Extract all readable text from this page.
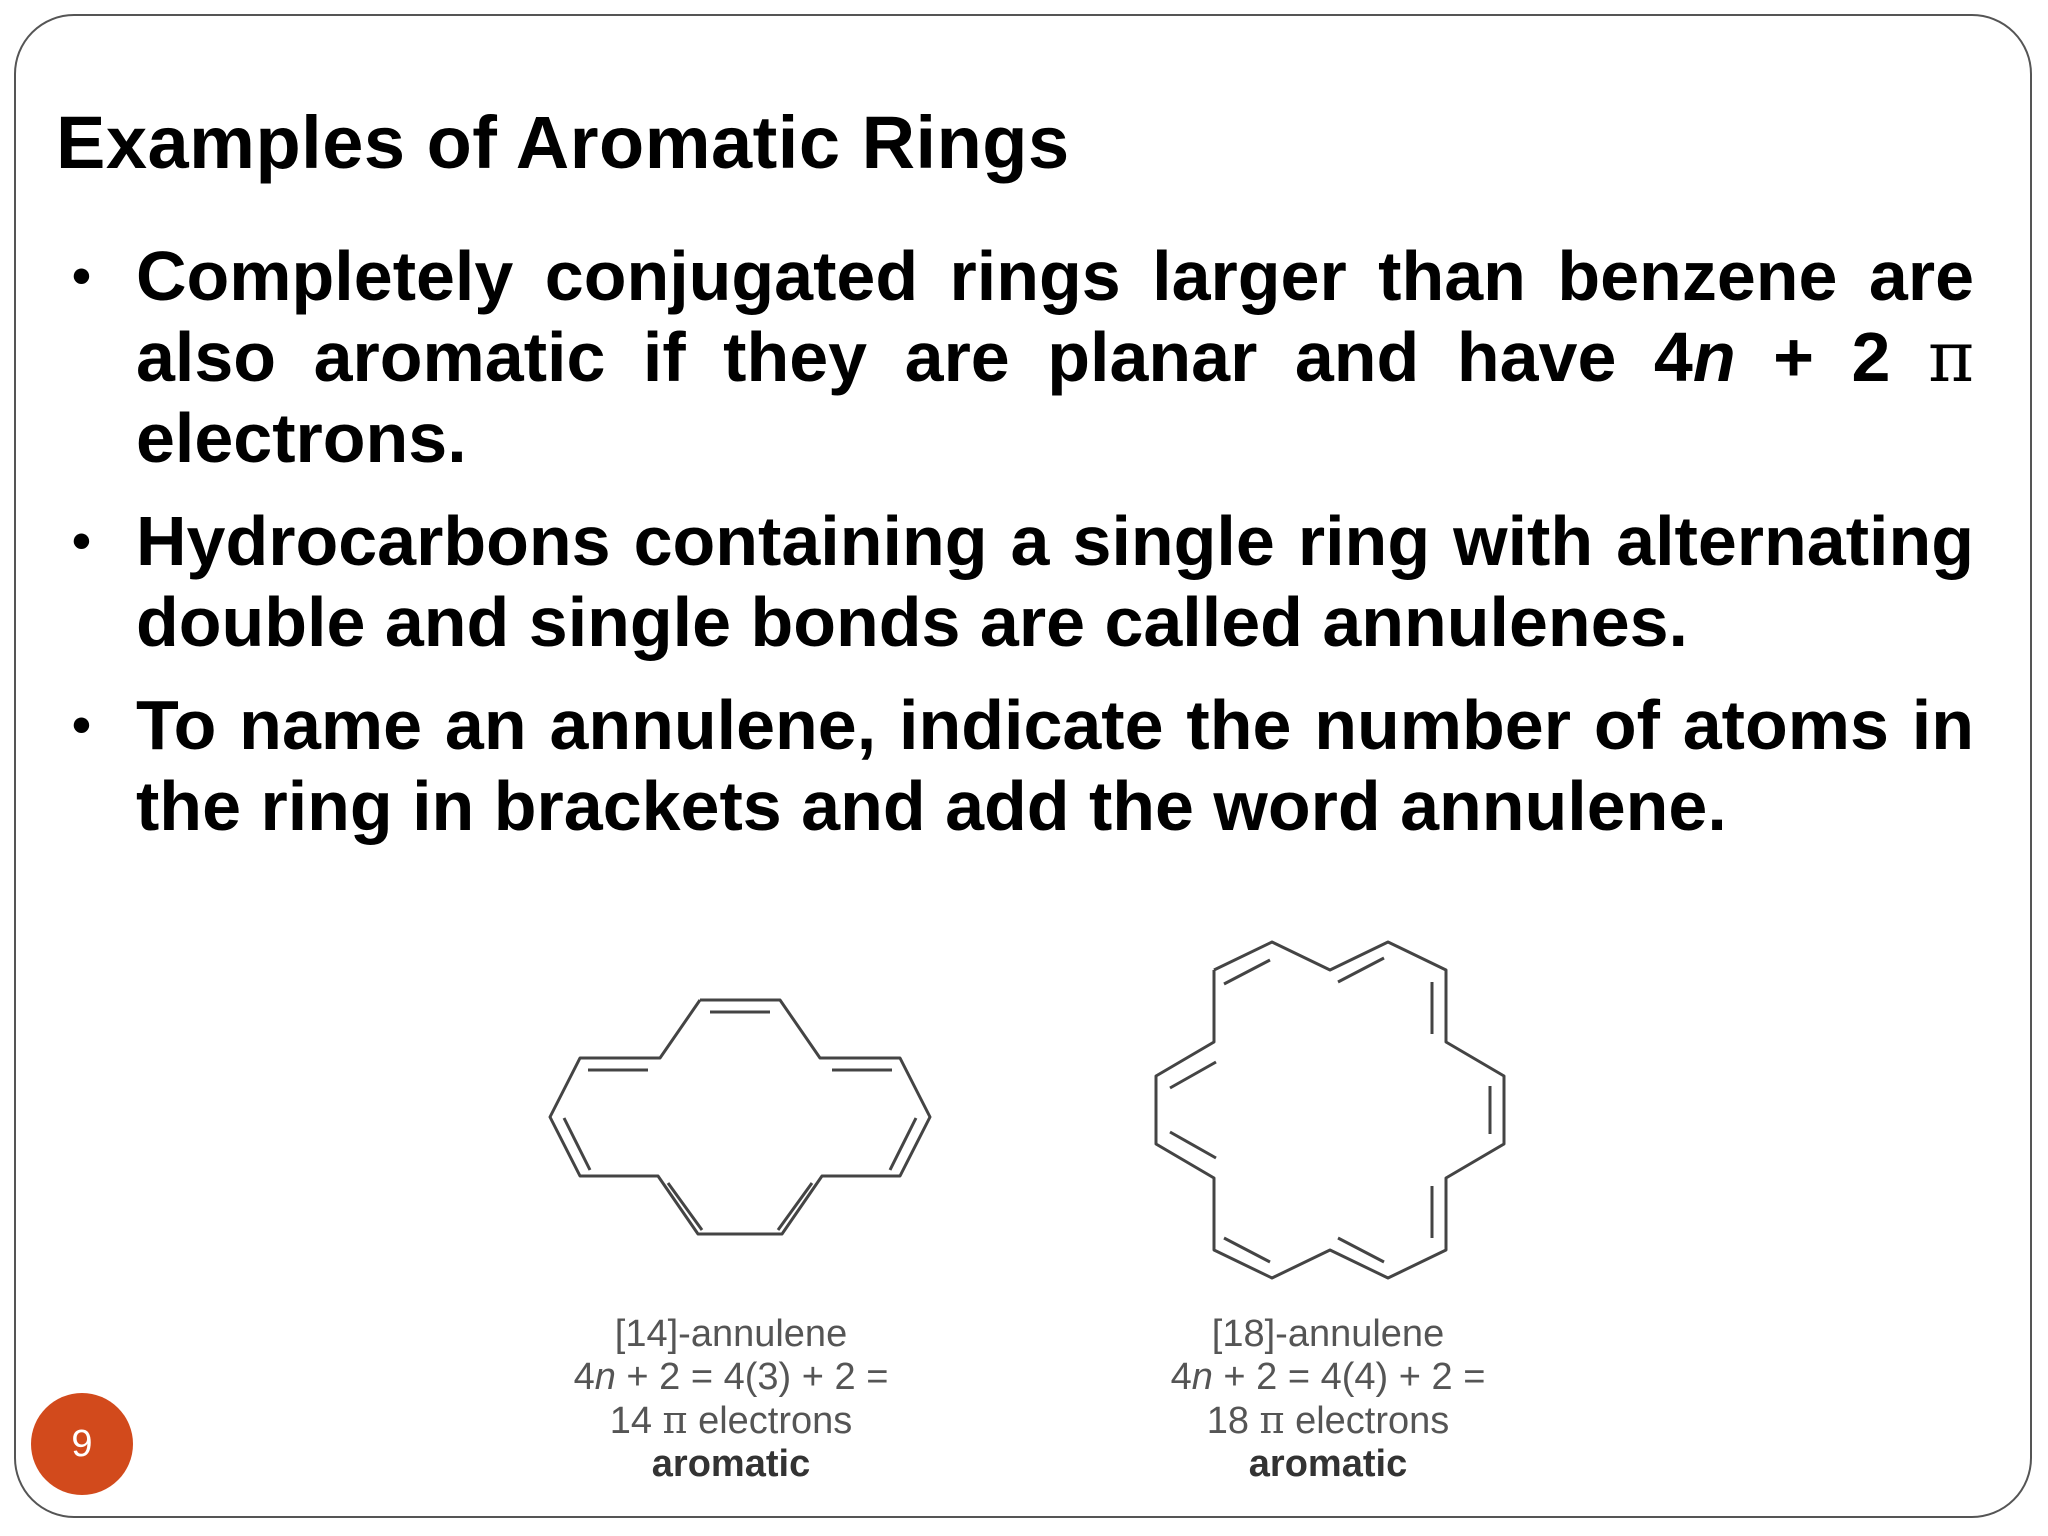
Examples of Aromatic Rings
• Completely conjugated rings larger than benzene are also aromatic if they are planar and have 4n + 2 π electrons.
• Hydrocarbons containing a single ring with alternating double and single bonds are called annulenes.
• To name an annulene, indicate the number of atoms in the ring in brackets and add the word annulene.
[14]-annulene
4n + 2 = 4(3) + 2 =
14 π electrons
aromatic
[18]-annulene
4n + 2 = 4(4) + 2 =
18 π electrons
aromatic
9
